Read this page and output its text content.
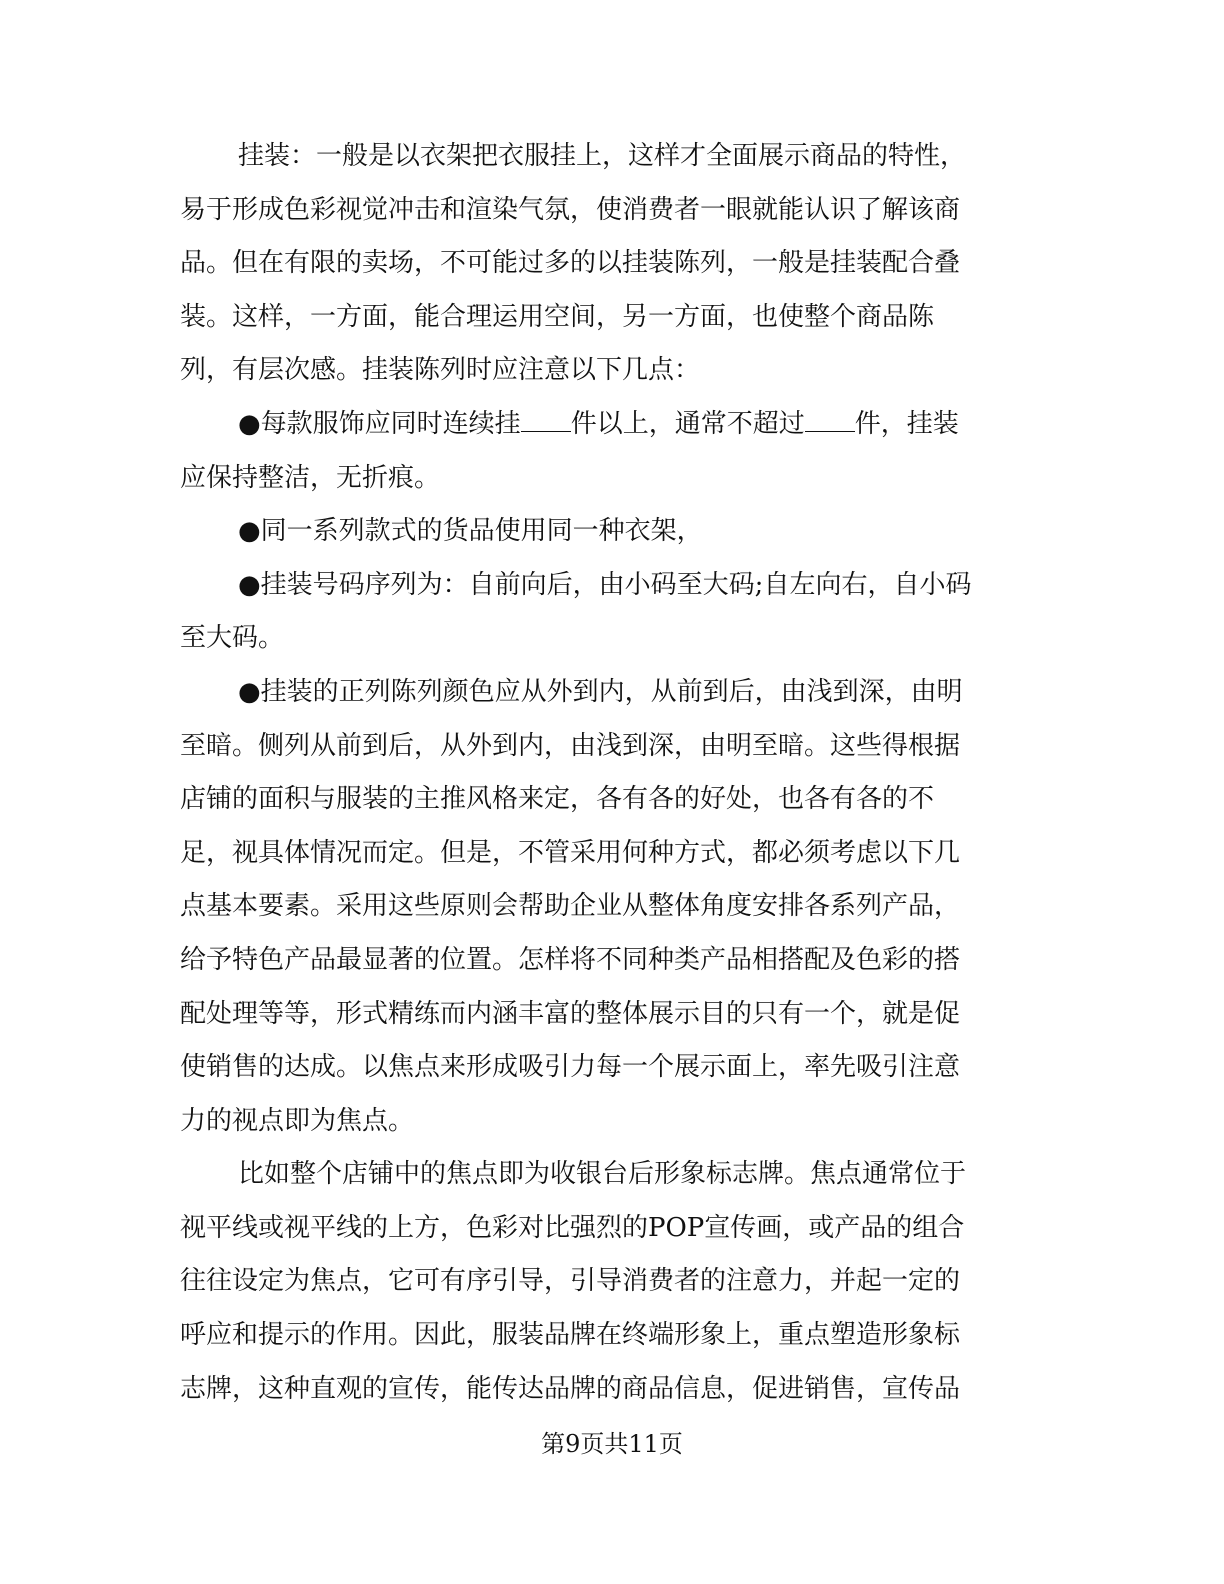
挂装：一般是以衣架把衣服挂上，这样才全面展示商品的特性，
易于形成色彩视觉冲击和渲染气氛，使消费者一眼就能认识了解该商
品。但在有限的卖场，不可能过多的以挂装陈列，一般是挂装配合叠
装。这样，一方面，能合理运用空间，另一方面，也使整个商品陈
列，有层次感。挂装陈列时应注意以下几点：
●每款服饰应同时连续挂 件以上，通常不超过 件，挂装
应保持整洁，无折痕。
●同一系列款式的货品使用同一种衣架，
●挂装号码序列为：自前向后，由小码至大码;自左向右，自小码
至大码。
●挂装的正列陈列颜色应从外到内，从前到后，由浅到深，由明
至暗。侧列从前到后，从外到内，由浅到深，由明至暗。这些得根据
店铺的面积与服装的主推风格来定，各有各的好处，也各有各的不
足，视具体情况而定。但是，不管采用何种方式，都必须考虑以下几
点基本要素。采用这些原则会帮助企业从整体角度安排各系列产品，
给予特色产品最显著的位置。怎样将不同种类产品相搭配及色彩的搭
配处理等等，形式精练而内涵丰富的整体展示目的只有一个，就是促
使销售的达成。以焦点来形成吸引力每一个展示面上，率先吸引注意
力的视点即为焦点。
比如整个店铺中的焦点即为收银台后形象标志牌。焦点通常位于
视平线或视平线的上方，色彩对比强烈的POP宣传画，或产品的组合
往往设定为焦点，它可有序引导，引导消费者的注意力，并起一定的
呼应和提示的作用。因此，服装品牌在终端形象上，重点塑造形象标
志牌，这种直观的宣传，能传达品牌的商品信息，促进销售，宣传品
第9页共11页
